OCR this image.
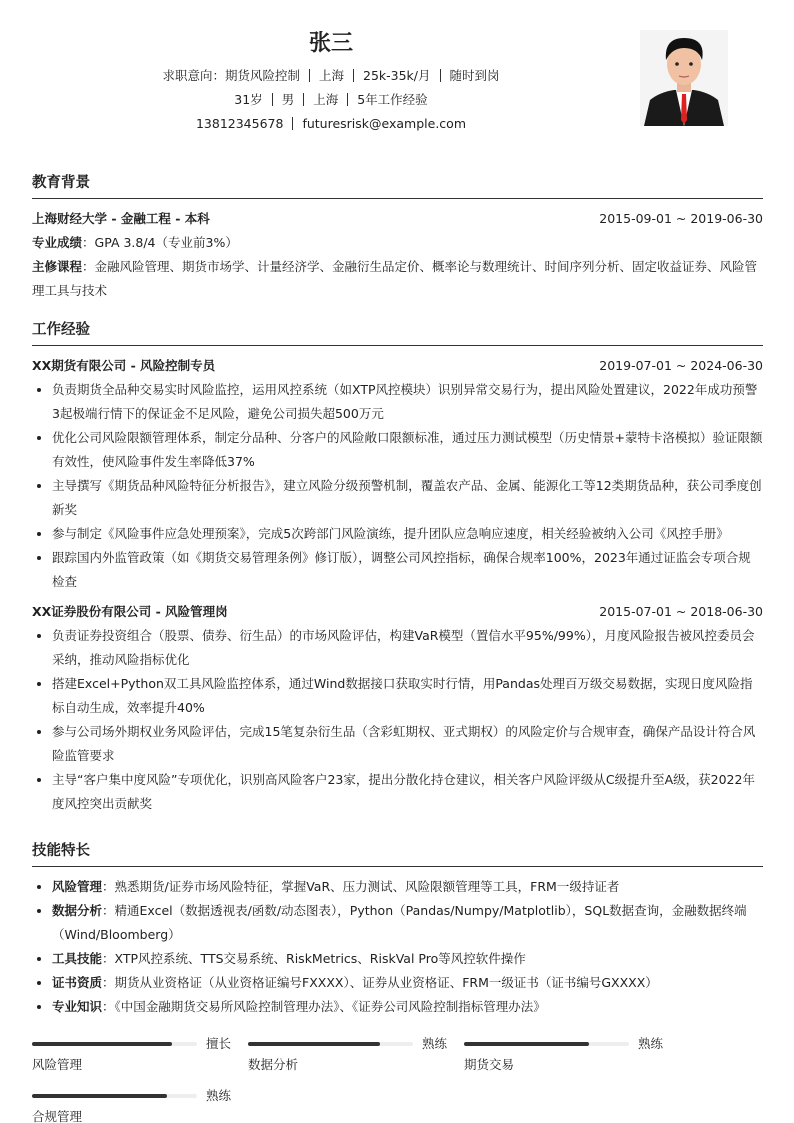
张三
求职意向：期货风险控制 上海 25k-35k/月 随时到岗
31岁 男 上海 5年工作经验
13812345678 futuresrisk@example.com
教育背景
上海财经大学 - 金融工程 - 本科	2015-09-01 ~ 2019-06-30
专业成绩：GPA 3.8/4（专业前3%）
主修课程：金融风险管理、期货市场学、计量经济学、金融衍生品定价、概率论与数理统计、时间序列分析、固定收益证券、风险管理工具与技术
工作经验
XX期货有限公司 - 风险控制专员	2019-07-01 ~ 2024-06-30
• 负责期货全品种交易实时风险监控，运用风控系统（如XTP风控模块）识别异常交易行为，提出风险处置建议，2022年成功预警3起极端行情下的保证金不足风险，避免公司损失超500万元
• 优化公司风险限额管理体系，制定分品种、分客户的风险敞口限额标准，通过压力测试模型（历史情景+蒙特卡洛模拟）验证限额有效性，使风险事件发生率降低37%
• 主导撰写《期货品种风险特征分析报告》，建立风险分级预警机制，覆盖农产品、金属、能源化工等12类期货品种，获公司季度创新奖
• 参与制定《风险事件应急处理预案》，完成5次跨部门风险演练，提升团队应急响应速度，相关经验被纳入公司《风控手册》
• 跟踪国内外监管政策（如《期货交易管理条例》修订版），调整公司风控指标，确保合规率100%，2023年通过证监会专项合规检查
XX证券股份有限公司 - 风险管理岗	2015-07-01 ~ 2018-06-30
• 负责证券投资组合（股票、债券、衍生品）的市场风险评估，构建VaR模型（置信水平95%/99%），月度风险报告被风控委员会采纳，推动风险指标优化
• 搭建Excel+Python双工具风险监控体系，通过Wind数据接口获取实时行情，用Pandas处理百万级交易数据，实现日度风险指标自动生成，效率提升40%
• 参与公司场外期权业务风险评估，完成15笔复杂衍生品（含彩虹期权、亚式期权）的风险定价与合规审查，确保产品设计符合风险监管要求
• 主导“客户集中度风险”专项优化，识别高风险客户23家，提出分散化持仓建议，相关客户风险评级从C级提升至A级，获2022年度风控突出贡献奖
技能特长
• 风险管理：熟悉期货/证券市场风险特征，掌握VaR、压力测试、风险限额管理等工具，FRM一级持证者
• 数据分析：精通Excel（数据透视表/函数/动态图表），Python（Pandas/Numpy/Matplotlib），SQL数据查询，金融数据终端（Wind/Bloomberg）
• 工具技能：XTP风控系统、TTS交易系统、RiskMetrics、RiskVal Pro等风控软件操作
• 证书资质：期货从业资格证（从业资格证编号FXXXX）、证券从业资格证、FRM一级证书（证书编号GXXXX）
• 专业知识：《中国金融期货交易所风险控制管理办法》、《证券公司风险控制指标管理办法》
擅长
风险管理
熟练
数据分析
熟练
期货交易
熟练
合规管理
